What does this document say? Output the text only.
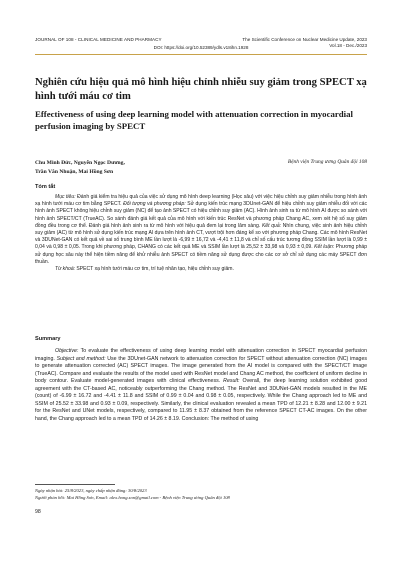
JOURNAL OF 108 - CLINICAL MEDICINE AND PHARMACY	The Scientific Conference on Nuclear Medicine Update, 2023
Vol.18 - Dec./2023
DOI: https://doi.org/10.52389/ydls.v18ihn.1928
Nghiên cứu hiệu quả mô hình hiệu chỉnh nhiễu suy giảm trong SPECT xạ hình tưới máu cơ tim
Effectiveness of using deep learning model with attenuation correction in myocardial perfusion imaging by SPECT
Chu Minh Đức, Nguyễn Ngọc Dương,
Trần Văn Nhuận, Mai Hồng Sơn
Bệnh viện Trung ương Quân đội 108
Tóm tắt

Mục tiêu: Đánh giá kiểm tra hiệu quả của việc sử dụng mô hình deep learning (Học sâu) với việc hiệu chỉnh suy giảm nhiễu trong hình ảnh xạ hình tưới máu cơ tim bằng SPECT. Đối tượng và phương pháp: Sử dụng kiến trúc mạng 3DUnet-GAN để hiệu chỉnh suy giảm nhiễu đối với các hình ảnh SPECT không hiệu chỉnh suy giảm (NC) để tạo ảnh SPECT có hiệu chỉnh suy giảm (AC). Hình ảnh sinh ra từ mô hình AI được so sánh với hình ảnh SPECT/CT (TrueAC). So sánh đánh giá kết quả của mô hình với kiến trúc ResNet và phương pháp Chang AC, xem xét hệ số suy giảm đồng đều trong cơ thể. Đánh giá hình ảnh sinh ra từ mô hình với hiệu quả đem lại trong lâm sàng. Kết quả: Nhìn chung, việc sinh ảnh hiệu chỉnh suy giảm (AC) từ mô hình sử dụng kiến trúc mạng AI dựa trên hình ảnh CT, vượt trội hơn đáng kể so với phương pháp Chang. Các mô hình ResNet và 3DUNet-GAN có kết quả về sai số trung bình ME lần lượt là -6,99 ± 16,72 và -4,41 ± 11,8 và chỉ số cấu trúc tương đồng SSIM lần lượt là 0,99 ± 0,04 và 0,98 ± 0,05. Trong khi phương pháp, CHANG có các kết quả ME và SSIM lần lượt là 25,52 ± 33,98 và 0,93 ± 0,09. Kết luận: Phương pháp sử dụng học sâu này thể hiện tiềm năng để khử nhiễu ảnh SPECT có tiềm năng sử dụng được cho các cơ sở chỉ sử dụng các máy SPECT đơn thuần.

Từ khoá: SPECT xạ hình tưới máu cơ tim, trí tuệ nhân tạo, hiệu chỉnh suy giảm.

Summary

Objective: To evaluate the effectiveness of using deep learning model with attenuation correction in SPECT myocardial perfusion imaging. Subject and method: Use the 3DUnet-GAN network to attenuation correction for SPECT without attenuation correction (NC) images to generate attenuation corrected (AC) SPECT images. The image generated from the AI model is compared with the SPECT/CT image (TrueAC). Compare and evaluate the results of the model used with ResNet model and Chang AC method, the coefficient of uniform decline in body contour. Evaluate model-generated images with clinical effectiveness. Result: Overall, the deep learning solution exhibited good agreement with the CT-based AC, noticeably outperforming the Chang method. The ResNet and 3DUNet-GAN models resulted in the ME (count) of -6.99 ± 16.72 and -4.41 ± 11.8 and SSIM of 0.99 ± 0.04 and 0.98 ± 0.05, respectively. While the Chang approach led to ME and SSIM of 25.52 ± 33.98 and 0.93 ± 0.09, respectively. Similarly, the clinical evaluation revealed a mean TPD of 12.21 ± 8.28 and 12.00 ± 9.21 for the ResNet and UNet models, respectively, compared to 11.95 ± 8.37 obtained from the reference SPECT CT-AC images. On the other hand, the Chang approach led to a mean TPD of 14.26 ± 8.19. Conclusion: The method of using

Ngày nhận bài: 25/8/2023, ngày chấp nhận đăng: 30/8/2023
Người phản hồi: Mai Hồng Sơn, Email: alex.hong.son@gmail.com - Bệnh viện Trung ương Quân đội 108
98
